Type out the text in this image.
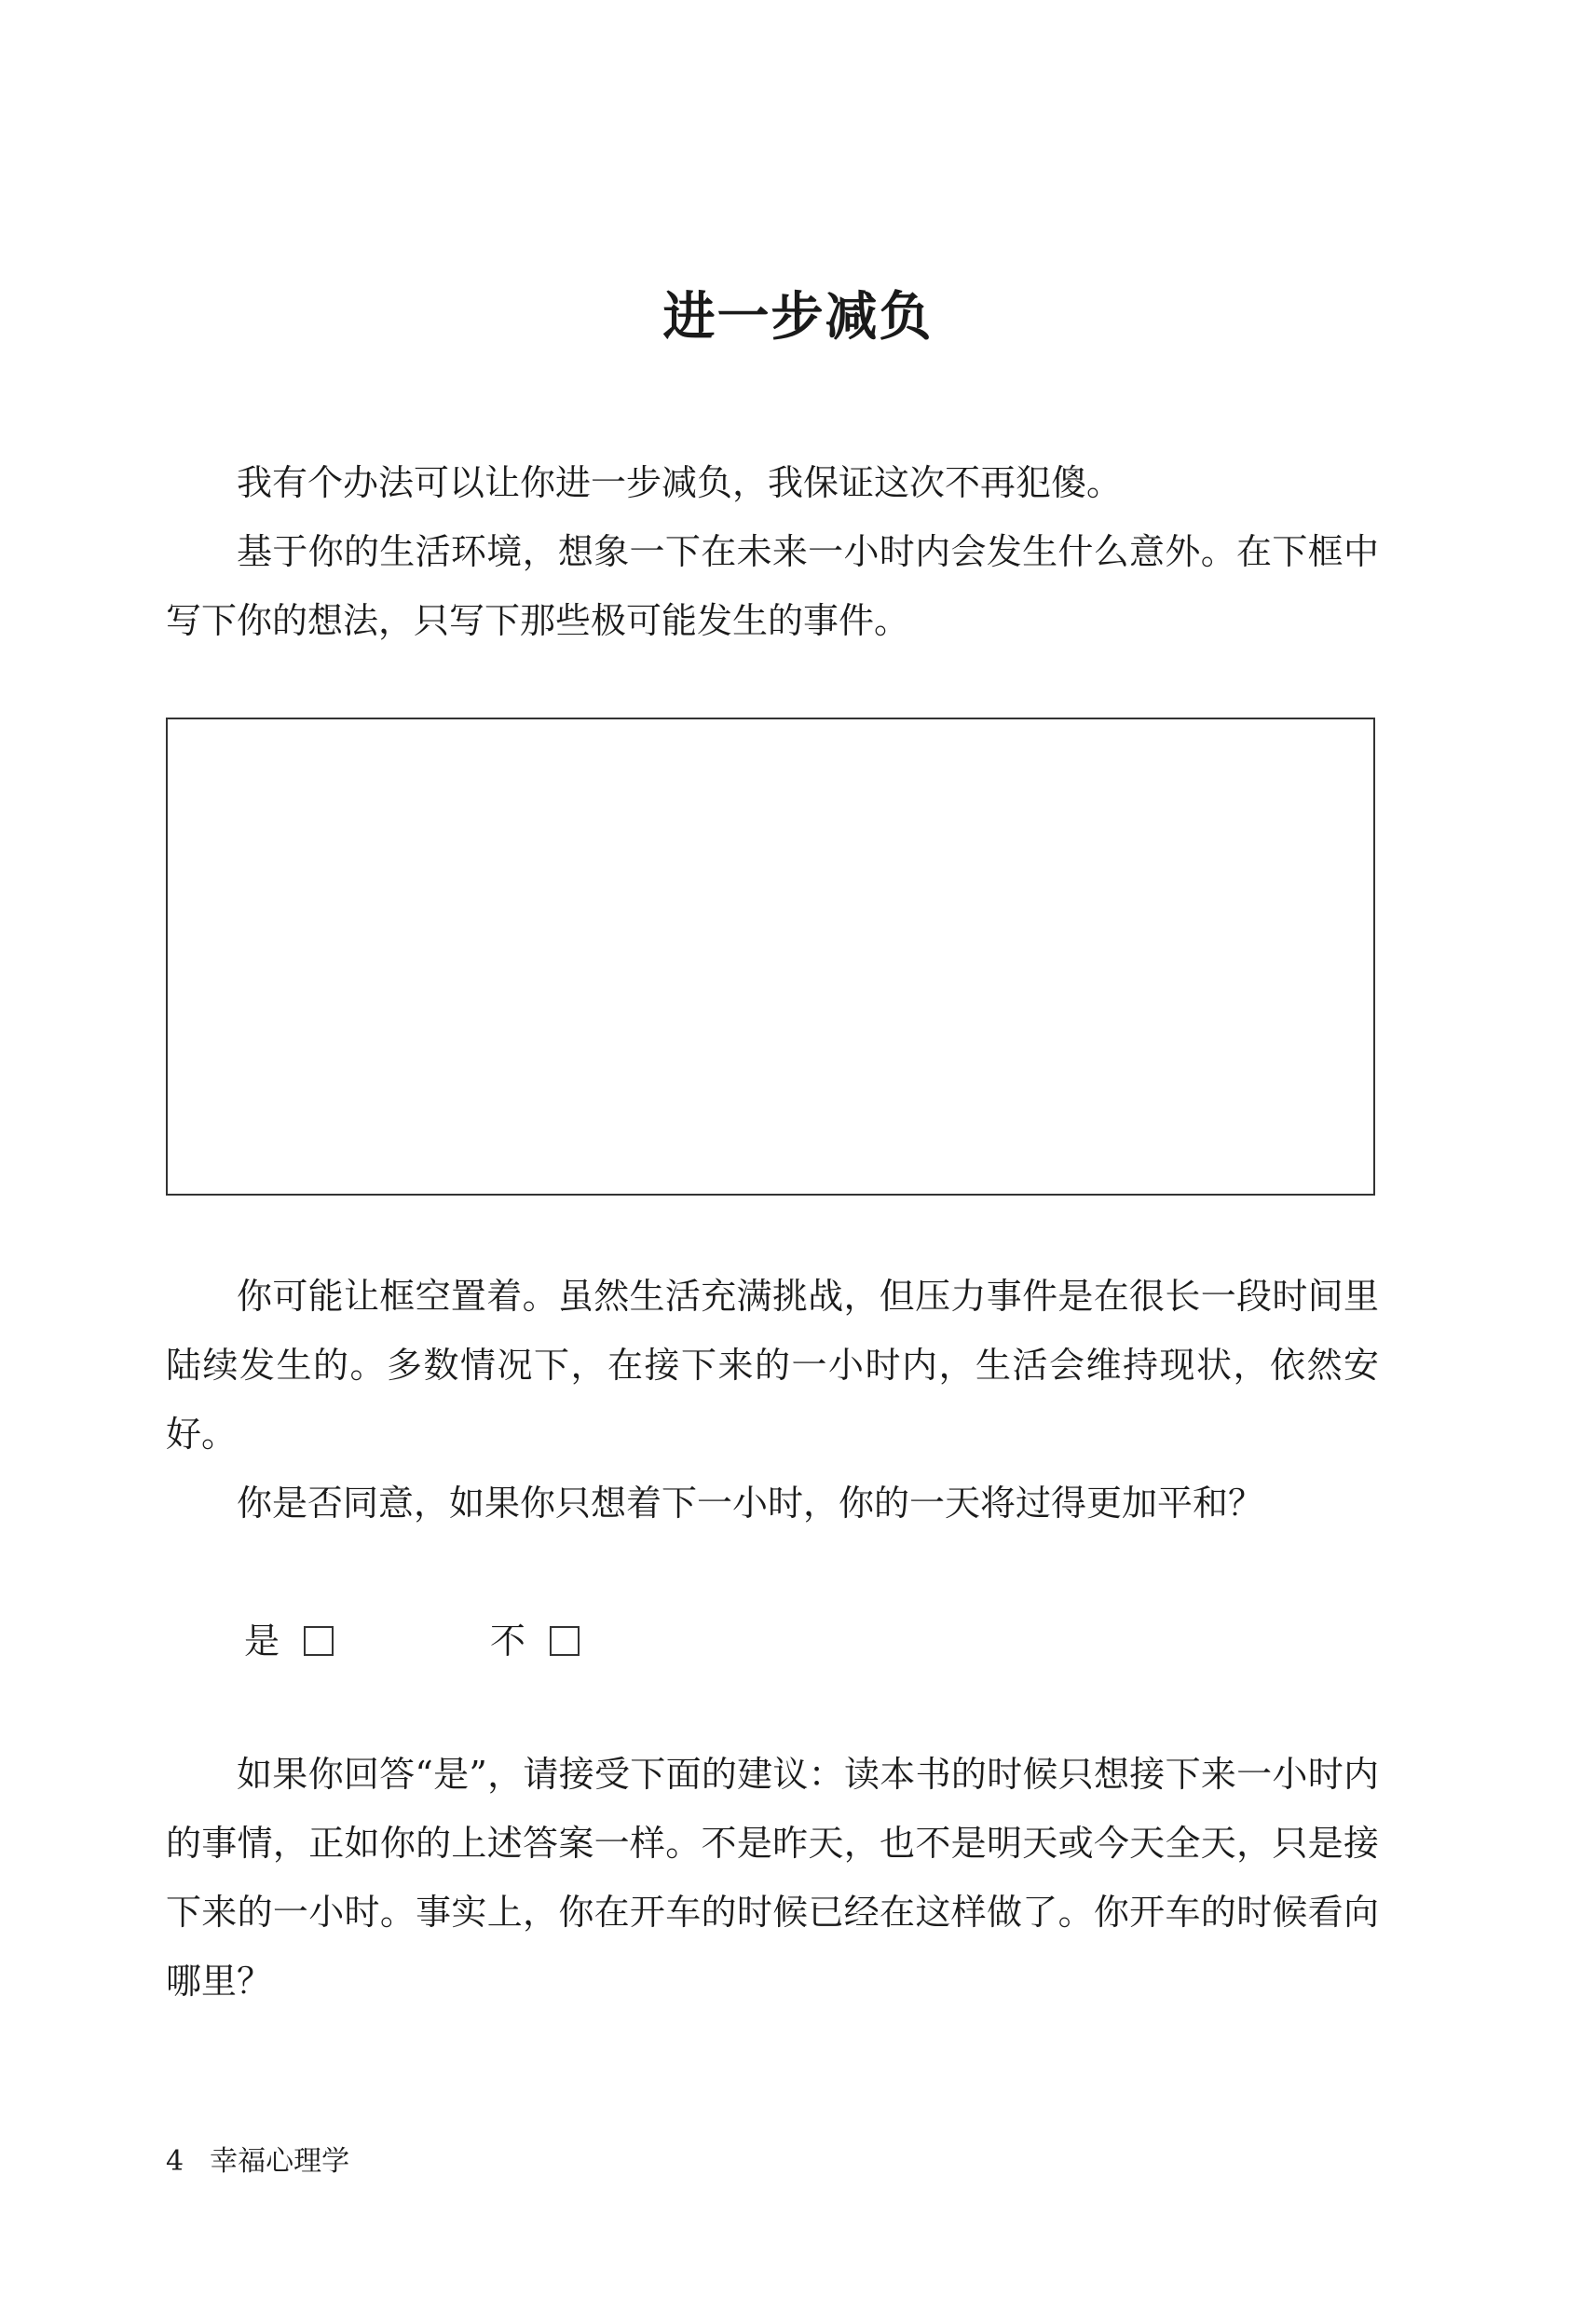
进一步减负

我有个办法可以让你进一步减负，我保证这次不再犯傻。

基于你的生活环境，想象一下在未来一小时内会发生什么意外。在下框中写下你的想法，只写下那些极可能发生的事件。

你可能让框空置着。虽然生活充满挑战，但压力事件是在很长一段时间里陆续发生的。多数情况下，在接下来的一小时内，生活会维持现状，依然安好。

你是否同意，如果你只想着下一小时，你的一天将过得更加平和？

是	不

如果你回答“是”，请接受下面的建议：读本书的时候只想接下来一小时内的事情，正如你的上述答案一样。不是昨天，也不是明天或今天全天，只是接下来的一小时。事实上，你在开车的时候已经在这样做了。你开车的时候看向哪里？

4 幸福心理学
